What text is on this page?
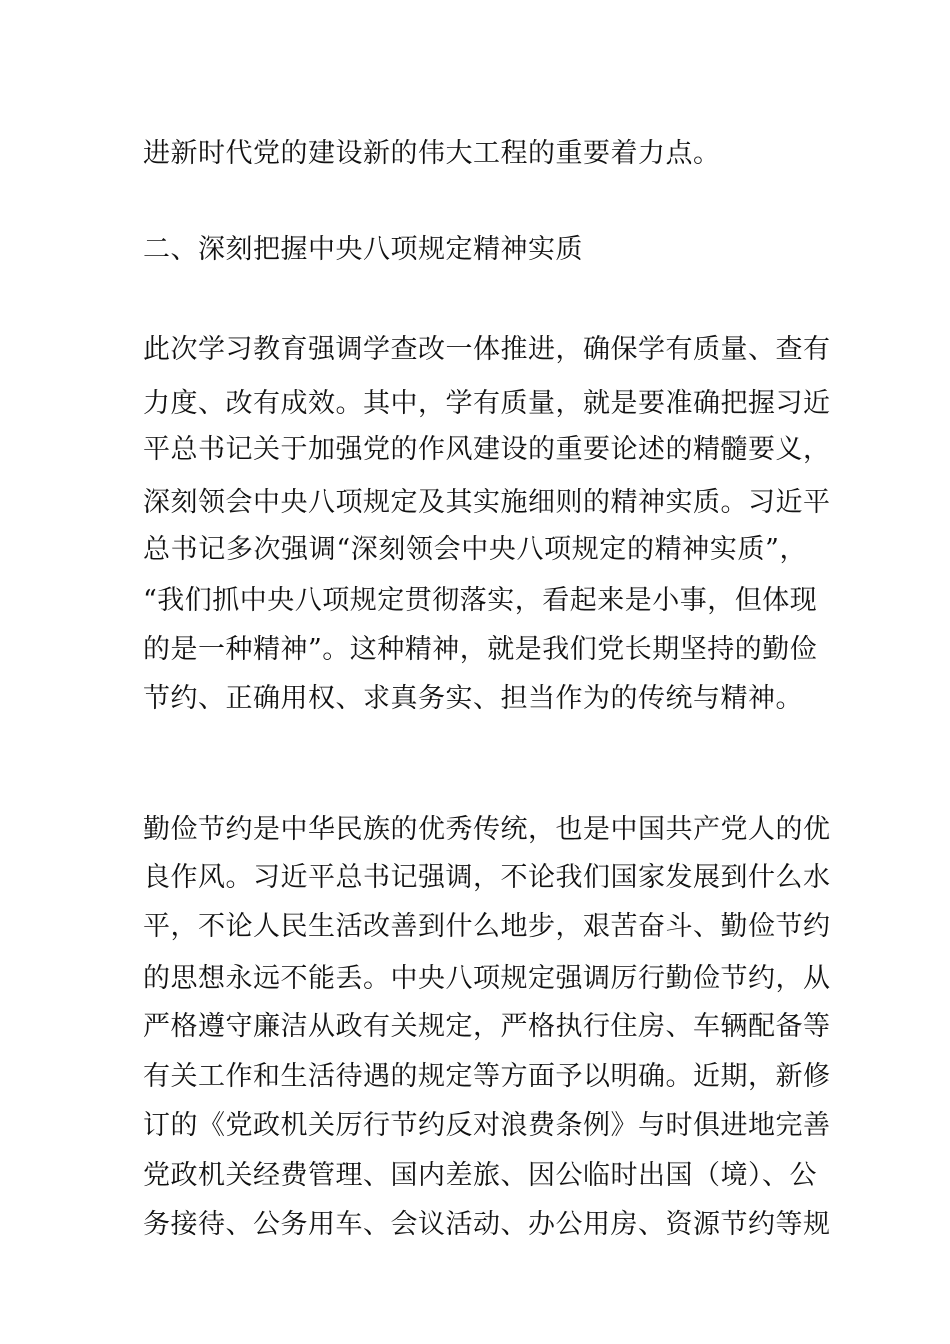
进新时代党的建设新的伟大工程的重要着力点。
二、深刻把握中央八项规定精神实质
此次学习教育强调学查改一体推进，确保学有质量、查有
力度、改有成效。其中，学有质量，就是要准确把握习近
平总书记关于加强党的作风建设的重要论述的精髓要义，
深刻领会中央八项规定及其实施细则的精神实质。习近平
总书记多次强调“深刻领会中央八项规定的精神实质”，
“我们抓中央八项规定贯彻落实，看起来是小事，但体现
的是一种精神”。这种精神，就是我们党长期坚持的勤俭
节约、正确用权、求真务实、担当作为的传统与精神。
勤俭节约是中华民族的优秀传统，也是中国共产党人的优
良作风。习近平总书记强调，不论我们国家发展到什么水
平，不论人民生活改善到什么地步，艰苦奋斗、勤俭节约
的思想永远不能丢。中央八项规定强调厉行勤俭节约，从
严格遵守廉洁从政有关规定，严格执行住房、车辆配备等
有关工作和生活待遇的规定等方面予以明确。近期，新修
订的《党政机关厉行节约反对浪费条例》与时俱进地完善
党政机关经费管理、国内差旅、因公临时出国（境）、公
务接待、公务用车、会议活动、办公用房、资源节约等规
